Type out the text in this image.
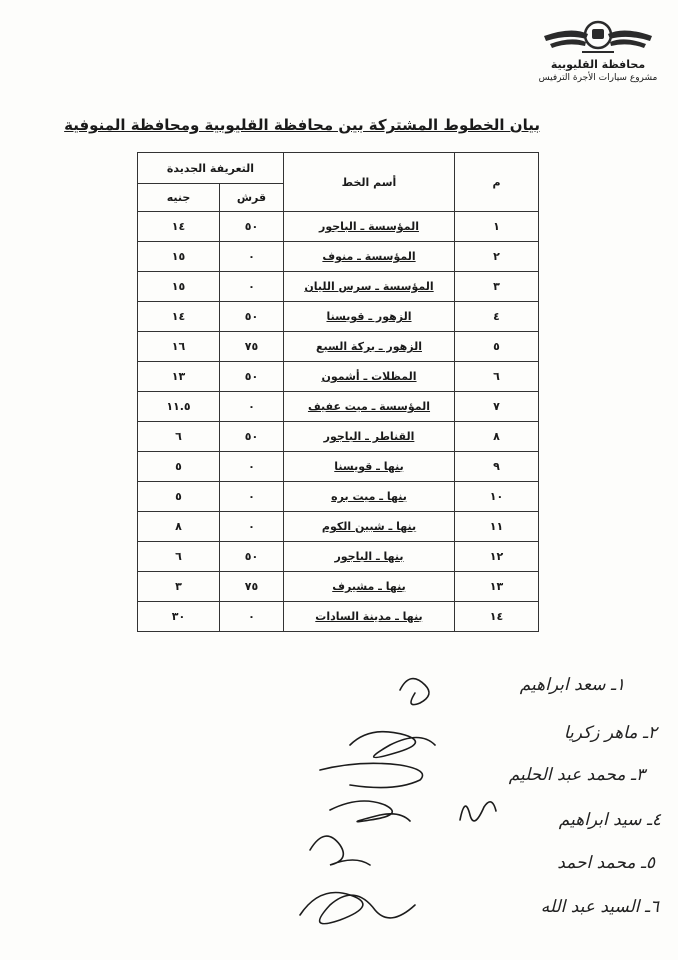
محافظة القليوبية
مشروع سيارات الأجرة الترفيس
بيان الخطوط المشتركة بين محافظة القليوبية ومحافظة المنوفية
م	أسم الخط	التعريفة الجديدة	
		قرش	جنيه
١	المؤسسة ـ الباجور	٥٠	١٤
٢	المؤسسة ـ منوف	٠	١٥
٣	المؤسسة ـ سرس الليان	٠	١٥
٤	الزهور ـ قويسنا	٥٠	١٤
٥	الزهور ـ بركة السبع	٧٥	١٦
٦	المظلات ـ أشمون	٥٠	١٣
٧	المؤسسة ـ ميت عفيف	٠	١١.٥
٨	القناطر ـ الباجور	٥٠	٦
٩	بنها ـ قويسنا	٠	٥
١٠	بنها ـ ميت بره	٠	٥
١١	بنها ـ شبين الكوم	٠	٨
١٢	بنها ـ الباجور	٥٠	٦
١٣	بنها ـ مشيرف	٧٥	٣
١٤	بنها ـ مدينة السادات	٠	٣٠
١ـ سعد ابراهيم
٢ـ ماهر زكريا
٣ـ محمد عبد الحليم
٤ـ سيد ابراهيم
٥ـ محمد احمد
٦ـ السيد عبد الله
